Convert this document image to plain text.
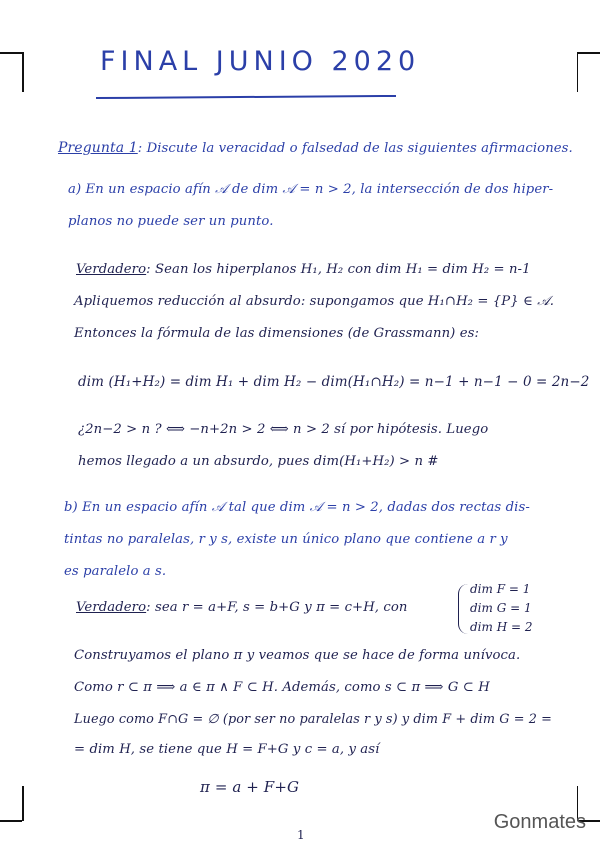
FINAL JUNIO 2020
Pregunta 1: Discute la veracidad o falsedad de las siguientes afirmaciones.
a) En un espacio afín 𝒜 de dim 𝒜 = n > 2, la intersección de dos hiper-
planos no puede ser un punto.
Verdadero: Sean los hiperplanos H₁, H₂ con dim H₁ = dim H₂ = n-1
Apliquemos reducción al absurdo: supongamos que H₁∩H₂ = {P} ∈ 𝒜.
Entonces la fórmula de las dimensiones (de Grassmann) es:
dim (H₁+H₂) = dim H₁ + dim H₂ − dim(H₁∩H₂) = n−1 + n−1 − 0 = 2n−2
¿2n−2 > n ? ⟺ −n+2n > 2 ⟺ n > 2 sí por hipótesis. Luego
hemos llegado a un absurdo, pues dim(H₁+H₂) > n #
b) En un espacio afín 𝒜 tal que dim 𝒜 = n > 2, dadas dos rectas dis-
tintas no paralelas, r y s, existe un único plano que contiene a r y
es paralelo a s.
Verdadero: sea r = a+F, s = b+G y π = c+H, con
dim F = 1
dim G = 1
dim H = 2
Construyamos el plano π y veamos que se hace de forma unívoca.
Como r ⊂ π ⟹ a ∈ π ∧ F ⊂ H. Además, como s ⊂ π ⟹ G ⊂ H
Luego como F∩G = ∅ (por ser no paralelas r y s) y dim F + dim G = 2 =
= dim H, se tiene que H = F+G y c = a, y así
π = a + F+G
1
Gonmates
